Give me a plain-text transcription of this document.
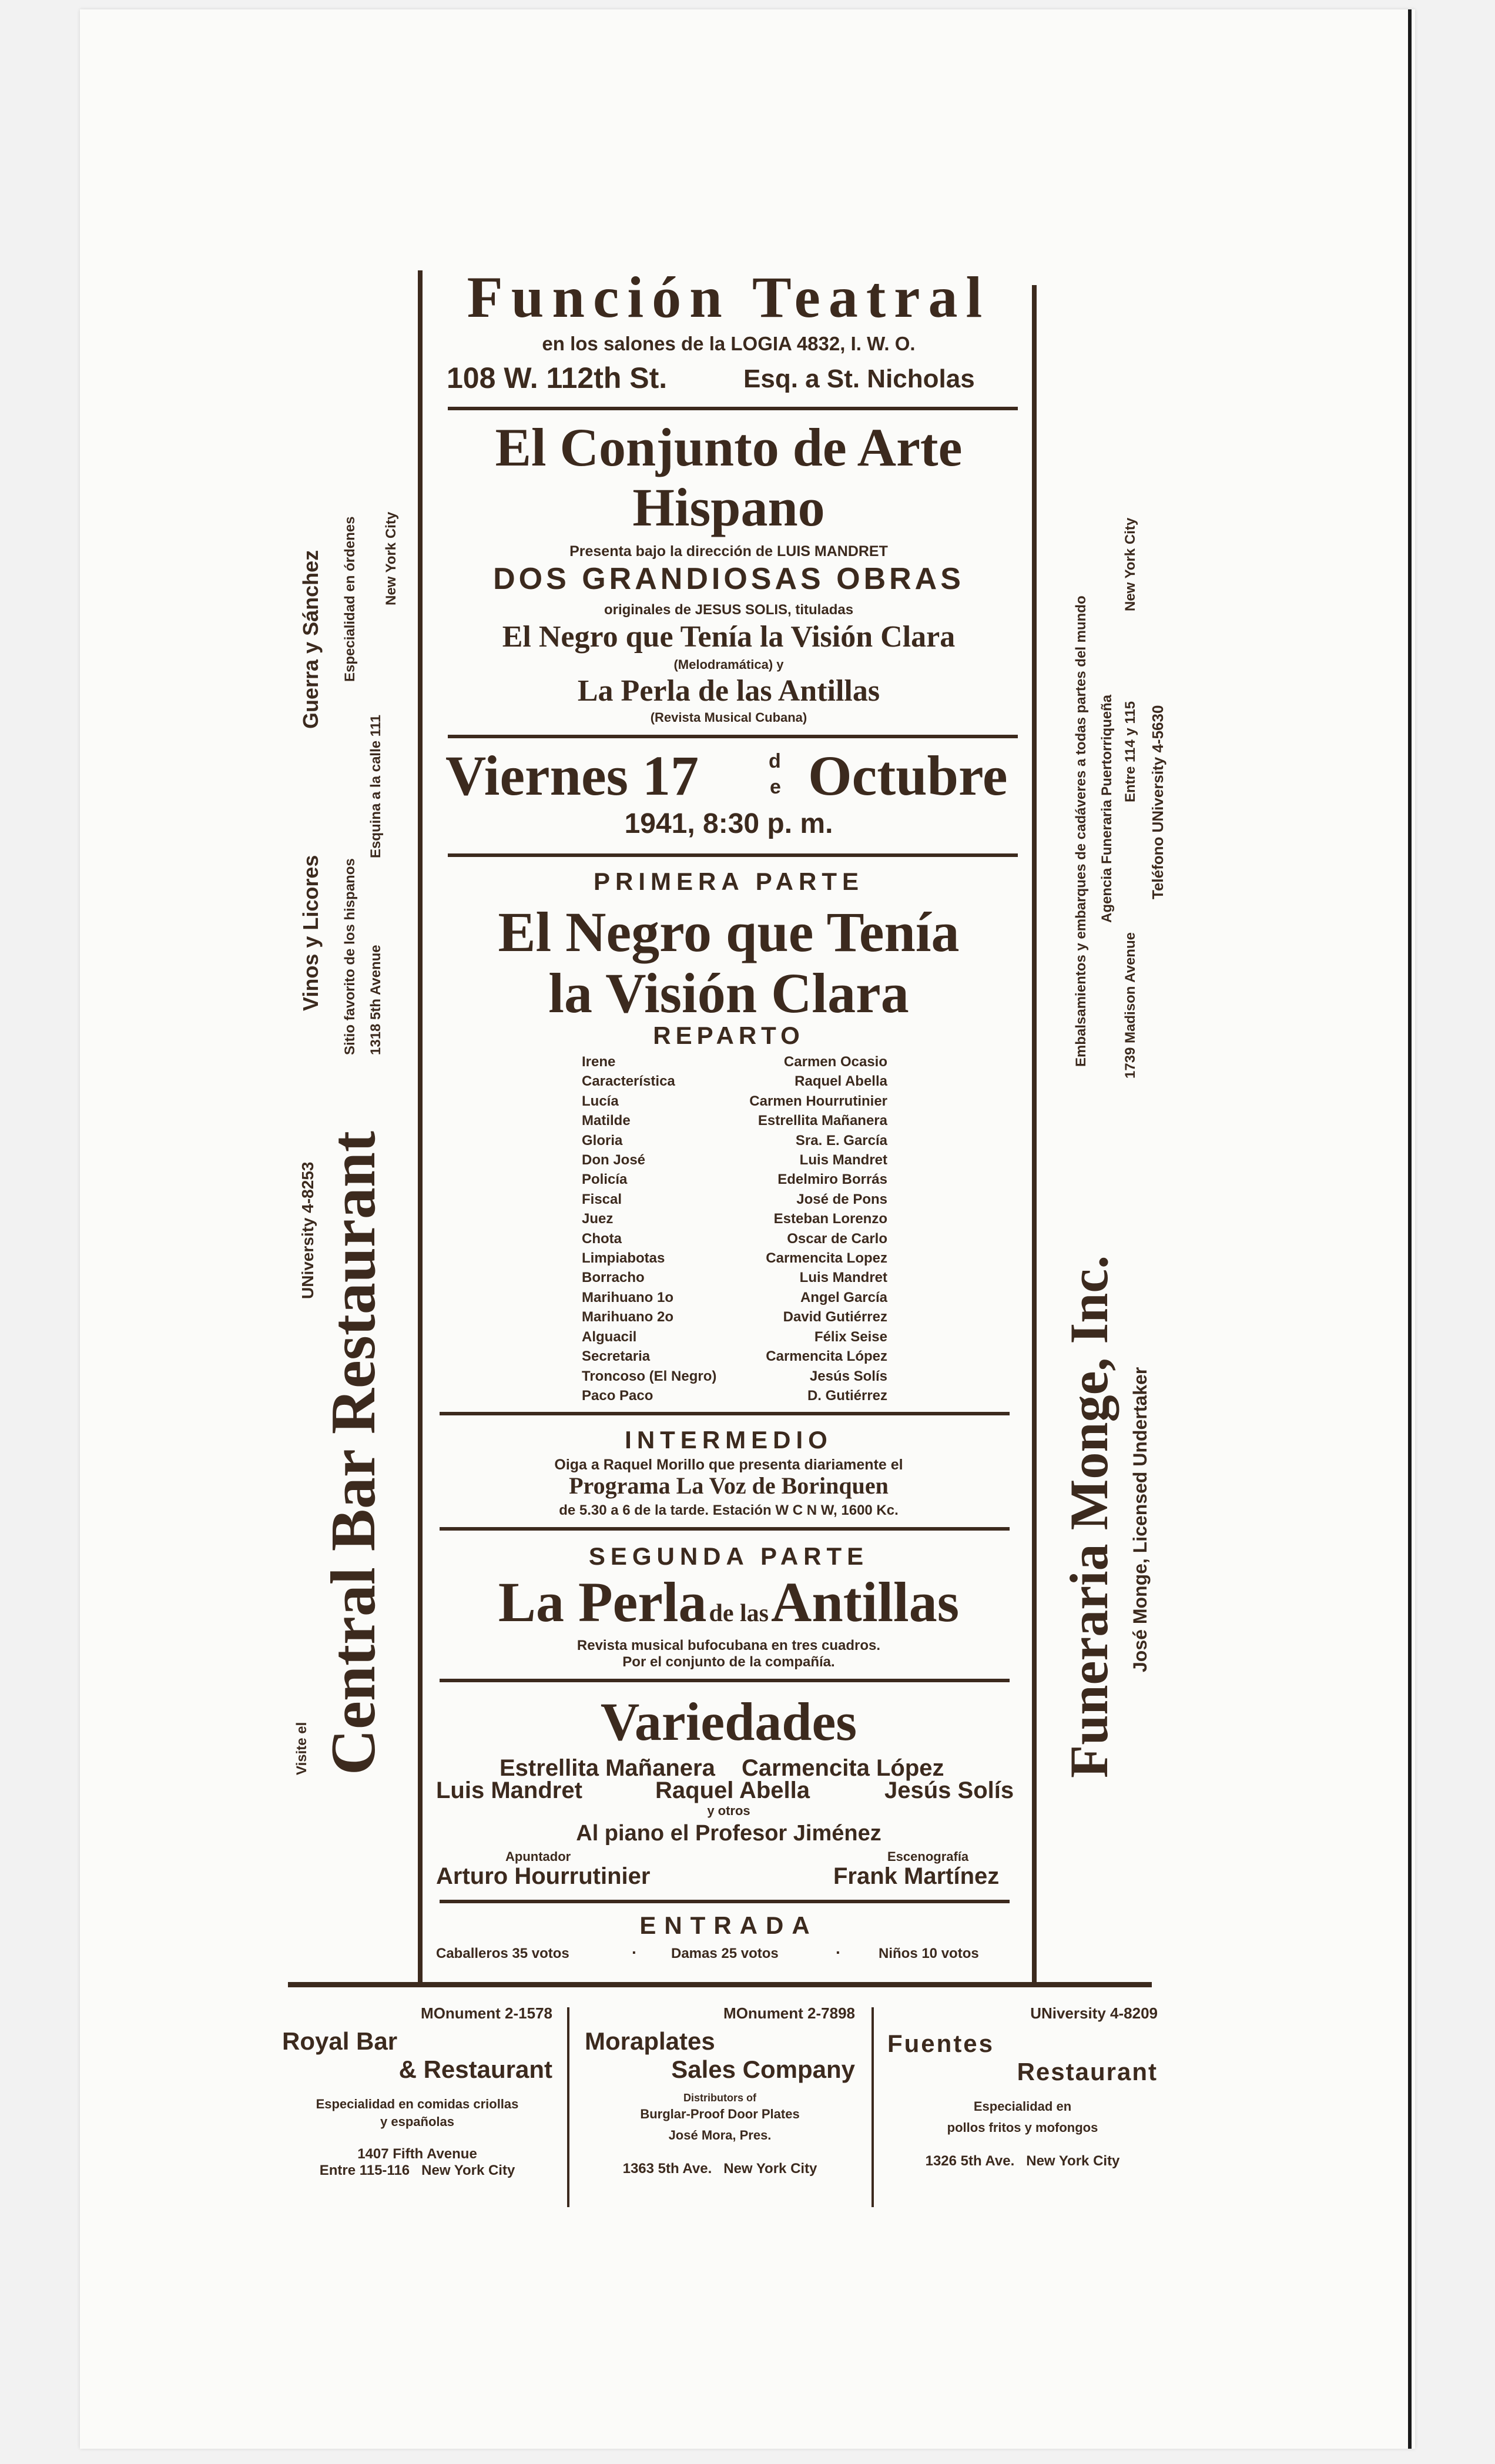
Función Teatral
en los salones de la LOGIA 4832, I. W. O.
108 W. 112th St.	Esq. a St. Nicholas
El Conjunto de Arte
Hispano
Presenta bajo la dirección de LUIS MANDRET
DOS GRANDIOSAS OBRAS
originales de JESUS SOLIS, tituladas
El Negro que Tenía la Visión Clara
(Melodramática) y
La Perla de las Antillas
(Revista Musical Cubana)
Viernes 17	d
e Octubre
1941, 8:30 p. m.
PRIMERA PARTE
El Negro que Tenía
la Visión Clara
REPARTO
Irene	Carmen Ocasio
Característica	Raquel Abella
Lucía	Carmen Hourrutinier
Matilde	Estrellita Mañanera
Gloria	Sra. E. García
Don José	Luis Mandret
Policía	Edelmiro Borrás
Fiscal	José de Pons
Juez	Esteban Lorenzo
Chota	Oscar de Carlo
Limpiabotas	Carmencita Lopez
Borracho	Luis Mandret
Marihuano 1o	Angel García
Marihuano 2o	David Gutiérrez
Alguacil	Félix Seise
Secretaria	Carmencita López
Troncoso (El Negro)	Jesús Solís
Paco Paco	D. Gutiérrez
INTERMEDIO
Oiga a Raquel Morillo que presenta diariamente el
Programa La Voz de Borinquen
de 5.30 a 6 de la tarde. Estación W C N W, 1600 Kc.
SEGUNDA PARTE
La Perla de las Antillas
Revista musical bufocubana en tres cuadros.
Por el conjunto de la compañía.
Variedades
Estrellita Mañanera Carmencita López
Luis Mandret	Raquel Abella	Jesús Solís
y otros
Al piano el Profesor Jiménez
Apuntador
Arturo Hourrutinier
Escenografía
Frank Martínez
ENTRADA
Caballeros 35 votos	· Damas 25 votos	·	Niños 10 votos
Visite el Central Bar Restaurant
UNiversity 4-8253
Vinos y Licores Sitio favorito de los hispanos 1318 5th Avenue
Guerra y Sánchez Especialidad en órdenes
Esquina a la calle 111
New York City
Funeraria Monge, Inc. José Monge, Licensed Undertaker
Embalsamientos y embarques de cadáveres a todas partes del mundo Agencia Funeraria Puertorriqueña
1739 Madison Avenue
Entre 114 y 115
New York City
Teléfono UNiversity 4-5630
MOnument 2-1578
Royal Bar
& Restaurant
Especialidad en comidas criollas
y españolas
1407 Fifth Avenue
Entre 115-116   New York City
MOnument 2-7898
Moraplates
Sales Company
Distributors of
Burglar-Proof Door Plates
José Mora, Pres.
1363 5th Ave.   New York City
UNiversity 4-8209
Fuentes
Restaurant
Especialidad en
pollos fritos y mofongos
1326 5th Ave.   New York City
